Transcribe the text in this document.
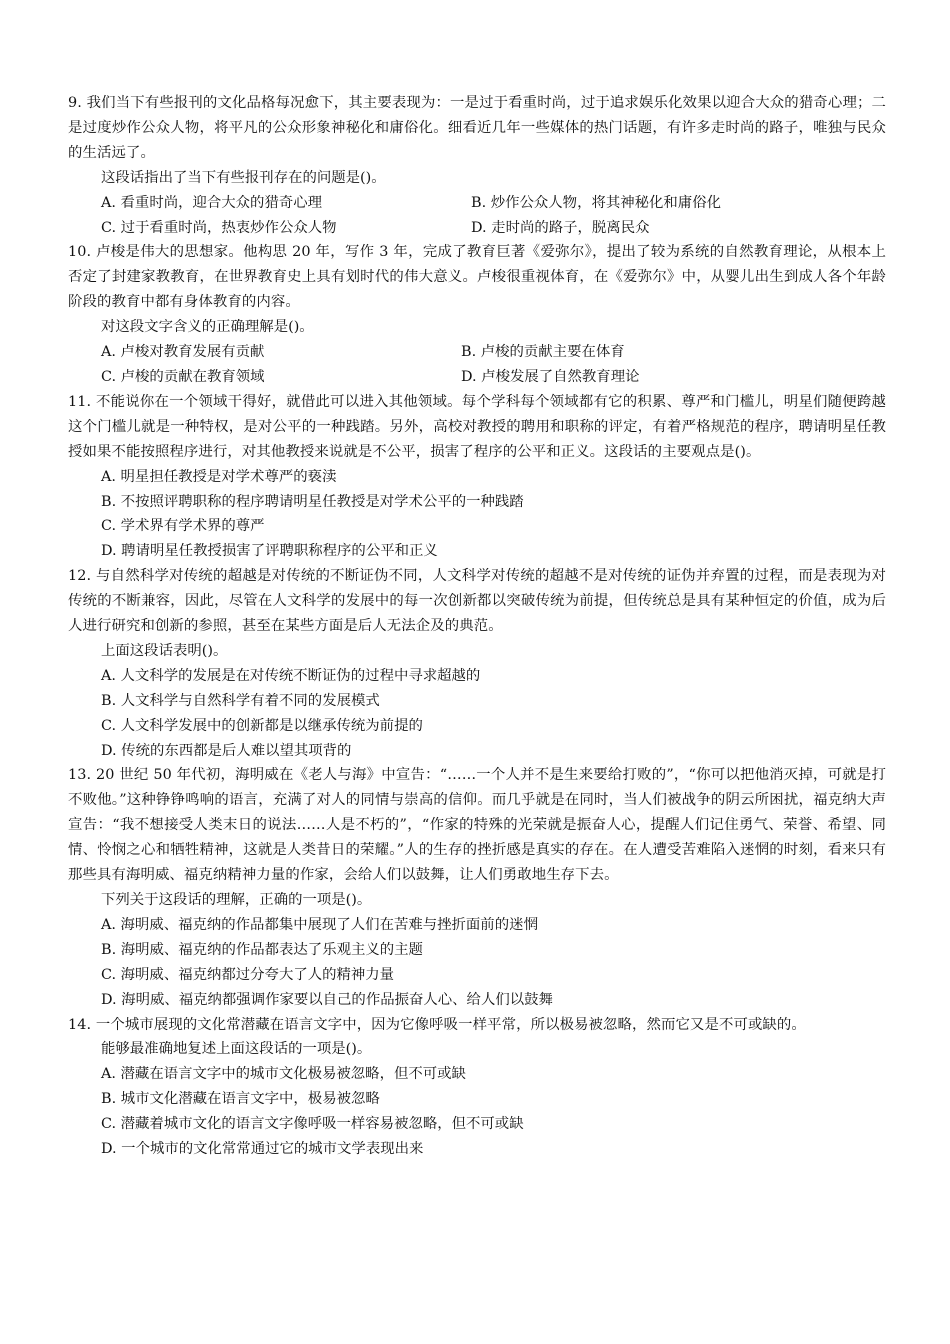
9. 我们当下有些报刊的文化品格每况愈下，其主要表现为：一是过于看重时尚，过于追求娱乐化效果以迎合大众的猎奇心理；二是过度炒作公众人物，将平凡的公众形象神秘化和庸俗化。细看近几年一些媒体的热门话题，有许多走时尚的路子，唯独与民众的生活远了。

这段话指出了当下有些报刊存在的问题是()。

A. 看重时尚，迎合大众的猎奇心理	B. 炒作公众人物，将其神秘化和庸俗化
C. 过于看重时尚，热衷炒作公众人物	D. 走时尚的路子，脱离民众

10. 卢梭是伟大的思想家。他构思 20 年，写作 3 年，完成了教育巨著《爱弥尔》，提出了较为系统的自然教育理论，从根本上否定了封建家教教育，在世界教育史上具有划时代的伟大意义。卢梭很重视体育，在《爱弥尔》中，从婴儿出生到成人各个年龄阶段的教育中都有身体教育的内容。

对这段文字含义的正确理解是()。

A. 卢梭对教育发展有贡献	B. 卢梭的贡献主要在体育
C. 卢梭的贡献在教育领域	D. 卢梭发展了自然教育理论

11. 不能说你在一个领域干得好，就借此可以进入其他领域。每个学科每个领域都有它的积累、尊严和门槛儿，明星们随便跨越这个门槛儿就是一种特权，是对公平的一种践踏。另外，高校对教授的聘用和职称的评定，有着严格规范的程序，聘请明星任教授如果不能按照程序进行，对其他教授来说就是不公平，损害了程序的公平和正义。这段话的主要观点是()。

A. 明星担任教授是对学术尊严的亵渎
B. 不按照评聘职称的程序聘请明星任教授是对学术公平的一种践踏
C. 学术界有学术界的尊严
D. 聘请明星任教授损害了评聘职称程序的公平和正义

12. 与自然科学对传统的超越是对传统的不断证伪不同，人文科学对传统的超越不是对传统的证伪并弃置的过程，而是表现为对传统的不断兼容，因此，尽管在人文科学的发展中的每一次创新都以突破传统为前提，但传统总是具有某种恒定的价值，成为后人进行研究和创新的参照，甚至在某些方面是后人无法企及的典范。

上面这段话表明()。

A. 人文科学的发展是在对传统不断证伪的过程中寻求超越的
B. 人文科学与自然科学有着不同的发展模式
C. 人文科学发展中的创新都是以继承传统为前提的
D. 传统的东西都是后人难以望其项背的

13. 20 世纪 50 年代初，海明威在《老人与海》中宣告：“……一个人并不是生来要给打败的”，“你可以把他消灭掉，可就是打不败他。”这种铮铮鸣响的语言，充满了对人的同情与崇高的信仰。而几乎就是在同时，当人们被战争的阴云所困扰，福克纳大声宣告：“我不想接受人类末日的说法……人是不朽的”，“作家的特殊的光荣就是振奋人心，提醒人们记住勇气、荣誉、希望、同情、怜悯之心和牺牲精神，这就是人类昔日的荣耀。”人的生存的挫折感是真实的存在。在人遭受苦难陷入迷惘的时刻，看来只有那些具有海明威、福克纳精神力量的作家，会给人们以鼓舞，让人们勇敢地生存下去。

下列关于这段话的理解，正确的一项是()。

A. 海明威、福克纳的作品都集中展现了人们在苦难与挫折面前的迷惘
B. 海明威、福克纳的作品都表达了乐观主义的主题
C. 海明威、福克纳都过分夸大了人的精神力量
D. 海明威、福克纳都强调作家要以自己的作品振奋人心、给人们以鼓舞

14. 一个城市展现的文化常潜藏在语言文字中，因为它像呼吸一样平常，所以极易被忽略，然而它又是不可或缺的。

能够最准确地复述上面这段话的一项是()。

A. 潜藏在语言文字中的城市文化极易被忽略，但不可或缺
B. 城市文化潜藏在语言文字中，极易被忽略
C. 潜藏着城市文化的语言文字像呼吸一样容易被忽略，但不可或缺
D. 一个城市的文化常常通过它的城市文学表现出来
